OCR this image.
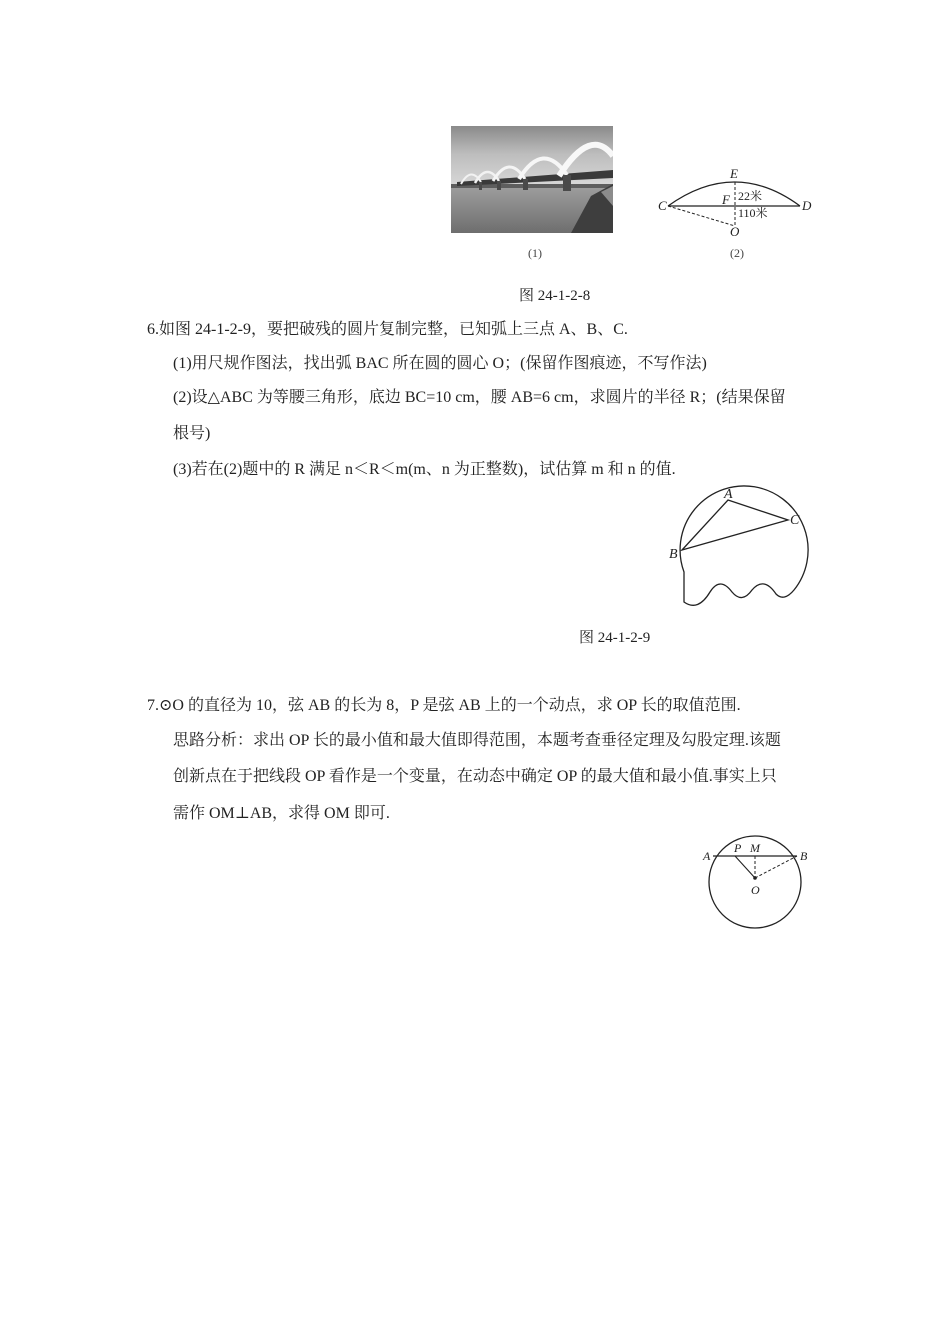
(1)
E
F
C	D
O
22米
110米
(2)
图 24-1-2-8
6.如图 24-1-2-9，要把破残的圆片复制完整，已知弧上三点 A、B、C.
(1)用尺规作图法，找出弧 BAC 所在圆的圆心 O；(保留作图痕迹，不写作法)
(2)设△ABC 为等腰三角形，底边 BC=10 cm，腰 AB=6 cm，求圆片的半径 R；(结果保留
根号)
(3)若在(2)题中的 R 满足 n＜R＜m(m、n 为正整数)，试估算 m 和 n 的值.
A
B
C
图 24-1-2-9
7.⊙O 的直径为 10，弦 AB 的长为 8，P 是弦 AB 上的一个动点，求 OP 长的取值范围.
思路分析：求出 OP 长的最小值和最大值即得范围，本题考查垂径定理及勾股定理.该题
创新点在于把线段 OP 看作是一个变量，在动态中确定 OP 的最大值和最小值.事实上只
需作 OM⊥AB，求得 OM 即可.
A
P M
B
O
